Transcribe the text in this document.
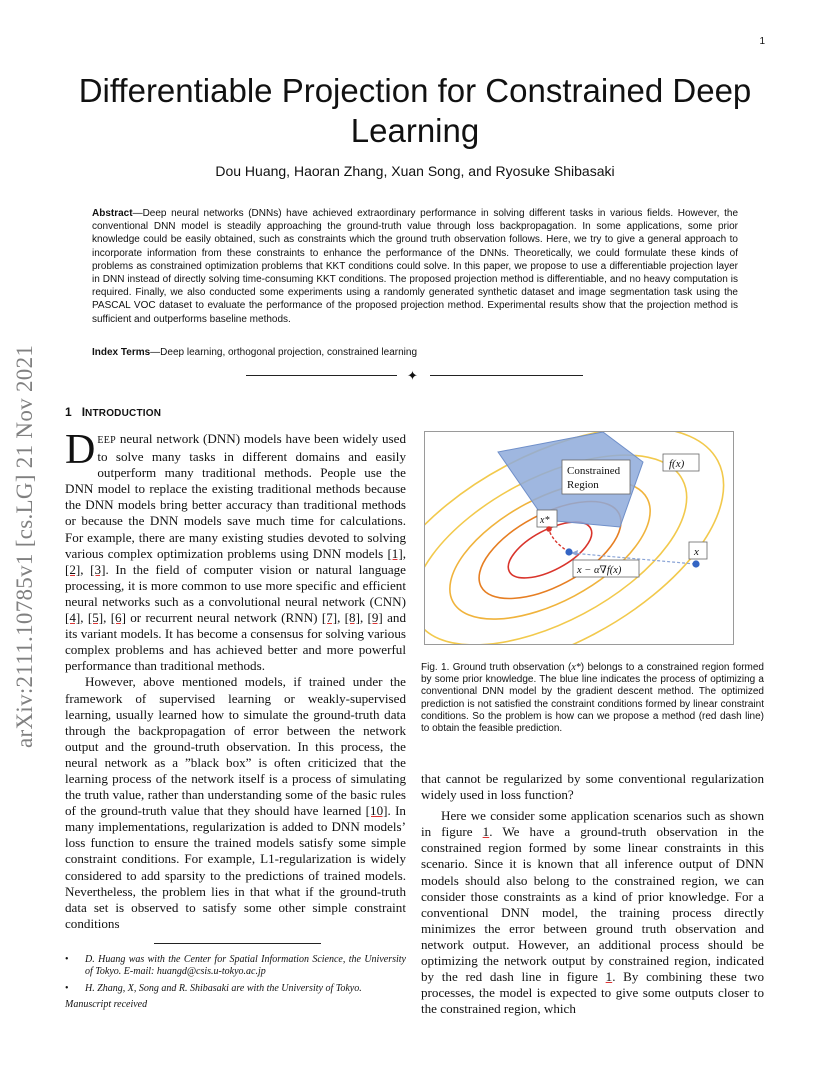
1
arXiv:2111.10785v1 [cs.LG] 21 Nov 2021
Differentiable Projection for Constrained Deep Learning
Dou Huang, Haoran Zhang, Xuan Song, and Ryosuke Shibasaki
Abstract—Deep neural networks (DNNs) have achieved extraordinary performance in solving different tasks in various fields. However, the conventional DNN model is steadily approaching the ground-truth value through loss backpropagation. In some applications, some prior knowledge could be easily obtained, such as constraints which the ground truth observation follows. Here, we try to give a general approach to incorporate information from these constraints to enhance the performance of the DNNs. Theoretically, we could formulate these kinds of problems as constrained optimization problems that KKT conditions could solve. In this paper, we propose to use a differentiable projection layer in DNN instead of directly solving time-consuming KKT conditions. The proposed projection method is differentiable, and no heavy computation is required. Finally, we also conducted some experiments using a randomly generated synthetic dataset and image segmentation task using the PASCAL VOC dataset to evaluate the performance of the proposed projection method. Experimental results show that the projection method is sufficient and outperforms baseline methods.
Index Terms—Deep learning, orthogonal projection, constrained learning
✦
1 INTRODUCTION

DEEP neural network (DNN) models have been widely used to solve many tasks in different domains and easily outperform many traditional methods. People use the DNN model to replace the existing traditional methods because the DNN models bring better accuracy than traditional methods or because the DNN models save much time for calculations. For example, there are many existing studies devoted to solving various complex optimization problems using DNN models [1], [2], [3]. In the field of computer vision or natural language processing, it is more common to use more specific and efficient neural networks such as a convolutional neural network (CNN) [4], [5], [6] or recurrent neural network (RNN) [7], [8], [9] and its variant models. It has become a consensus for solving various complex problems and has achieved better and more powerful performance than traditional methods.

However, above mentioned models, if trained under the framework of supervised learning or weakly-supervised learning, usually learned how to simulate the ground-truth data through the backpropagation of error between the network output and the ground-truth observation. In this process, the neural network as a ”black box” is often criticized that the learning process of the network itself is a process of simulating the truth value, rather than understanding some of the basic rules of the ground-truth value that they should have learned [10]. In many implementations, regularization is added to DNN models’ loss function to ensure the trained models satisfy some simple constraint conditions. For example, L1-regularization is widely considered to add sparsity to the predictions of trained models. Nevertheless, the problem lies in that what if the ground-truth data set is observed to satisfy some other simple constraint conditions

• D. Huang was with the Center for Spatial Information Science, the University of Tokyo. E-mail: huangd@csis.u-tokyo.ac.jp
• H. Zhang, X, Song and R. Shibasaki are with the University of Tokyo.
Manuscript received
Constrained
Region
f(x)
x*
x
x − α∇f(x)
Fig. 1. Ground truth observation (x*) belongs to a constrained region formed by some prior knowledge. The blue line indicates the process of optimizing a conventional DNN model by the gradient descent method. The optimized prediction is not satisfied the constraint conditions formed by linear constraint conditions. So the problem is how can we propose a method (red dash line) to obtain the feasible prediction.

that cannot be regularized by some conventional regularization widely used in loss function?

Here we consider some application scenarios such as shown in figure 1. We have a ground-truth observation in the constrained region formed by some linear constraints in this scenario. Since it is known that all inference output of DNN models should also belong to the constrained region, we can consider those constraints as a kind of prior knowledge. For a conventional DNN model, the training process directly minimizes the error between ground truth observation and network output. However, an additional process should be optimizing the network output by constrained region, indicated by the red dash line in figure 1. By combining these two processes, the model is expected to give some outputs closer to the constrained region, which
